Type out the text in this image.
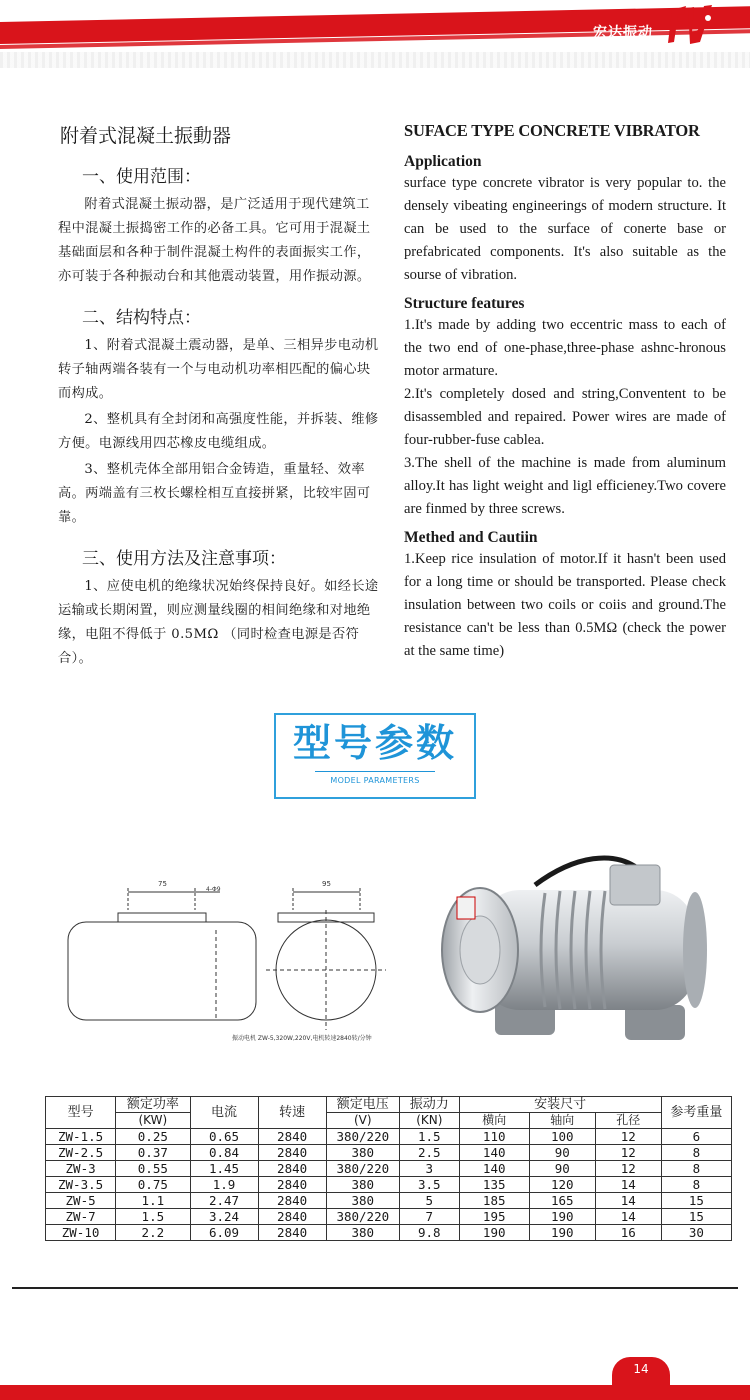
宏达振动
附着式混凝土振動器
一、使用范围：

附着式混凝土振动器，是广泛适用于现代建筑工程中混凝土振捣密工作的必备工具。它可用于混凝土基础面层和各种于制件混凝土构件的表面振实工作，亦可装于各种振动台和其他震动装置，用作振动源。

二、结构特点：

1、附着式混凝土震动器，是单、三相异步电动机转子轴两端各装有一个与电动机功率相匹配的偏心块而构成。

2、整机具有全封闭和高强度性能，并拆装、维修方便。电源线用四芯橡皮电缆组成。

3、整机壳体全部用铝合金铸造，重量轻、效率高。两端盖有三枚长螺栓相互直接拼紧，比较牢固可靠。

三、使用方法及注意事项：

1、应使电机的绝缘状况始终保持良好。如经长途运输或长期闲置，则应测量线圈的相间绝缘和对地绝缘，电阻不得低于 0.5MΩ （同时检查电源是否符合）。

SUFACE TYPE CONCRETE VIBRATOR
Application

surface type concrete vibrator is very popular to. the densely vibeating engineerings of modern structure. It can be used to the surface of conerte base or prefabricated components. It's also suitable as the sourse of vibration.

Structure features

1.It's made by adding two eccentric mass to each of the two end of one-phase,three-phase ashnc-hronous motor armature.

2.It's completely dosed and string,Conventent to be disassembled and repaired. Power wires are made of four-rubber-fuse cablea.

3.The shell of the machine is made from aluminum alloy.It has light weight and ligl efficieney.Two covere are finmed by three screws.

Methed and Cautiin

1.Keep rice insulation of motor.If it hasn't been used for a long time or should be transported. Please check insulation between two coils or coiis and ground.The resistance can't be less than 0.5MΩ (check the power at the same time)

型号参数
MODEL PARAMETERS
75
4-Φ9
95
振动电机 ZW-5,320W,220V,电机转速2840转/分钟
型号	额定功率	电流	转速	额定电压	振动力	安装尺寸			参考重量
	(KW)			(V)	(KN)	横向	轴向	孔径	
ZW-1.5	0.25	0.65	2840	380/220	1.5	110	100	12	6
ZW-2.5	0.37	0.84	2840	380	2.5	140	90	12	8
ZW-3	0.55	1.45	2840	380/220	3	140	90	12	8
ZW-3.5	0.75	1.9	2840	380	3.5	135	120	14	8
ZW-5	1.1	2.47	2840	380	5	185	165	14	15
ZW-7	1.5	3.24	2840	380/220	7	195	190	14	15
ZW-10	2.2	6.09	2840	380	9.8	190	190	16	30
14
